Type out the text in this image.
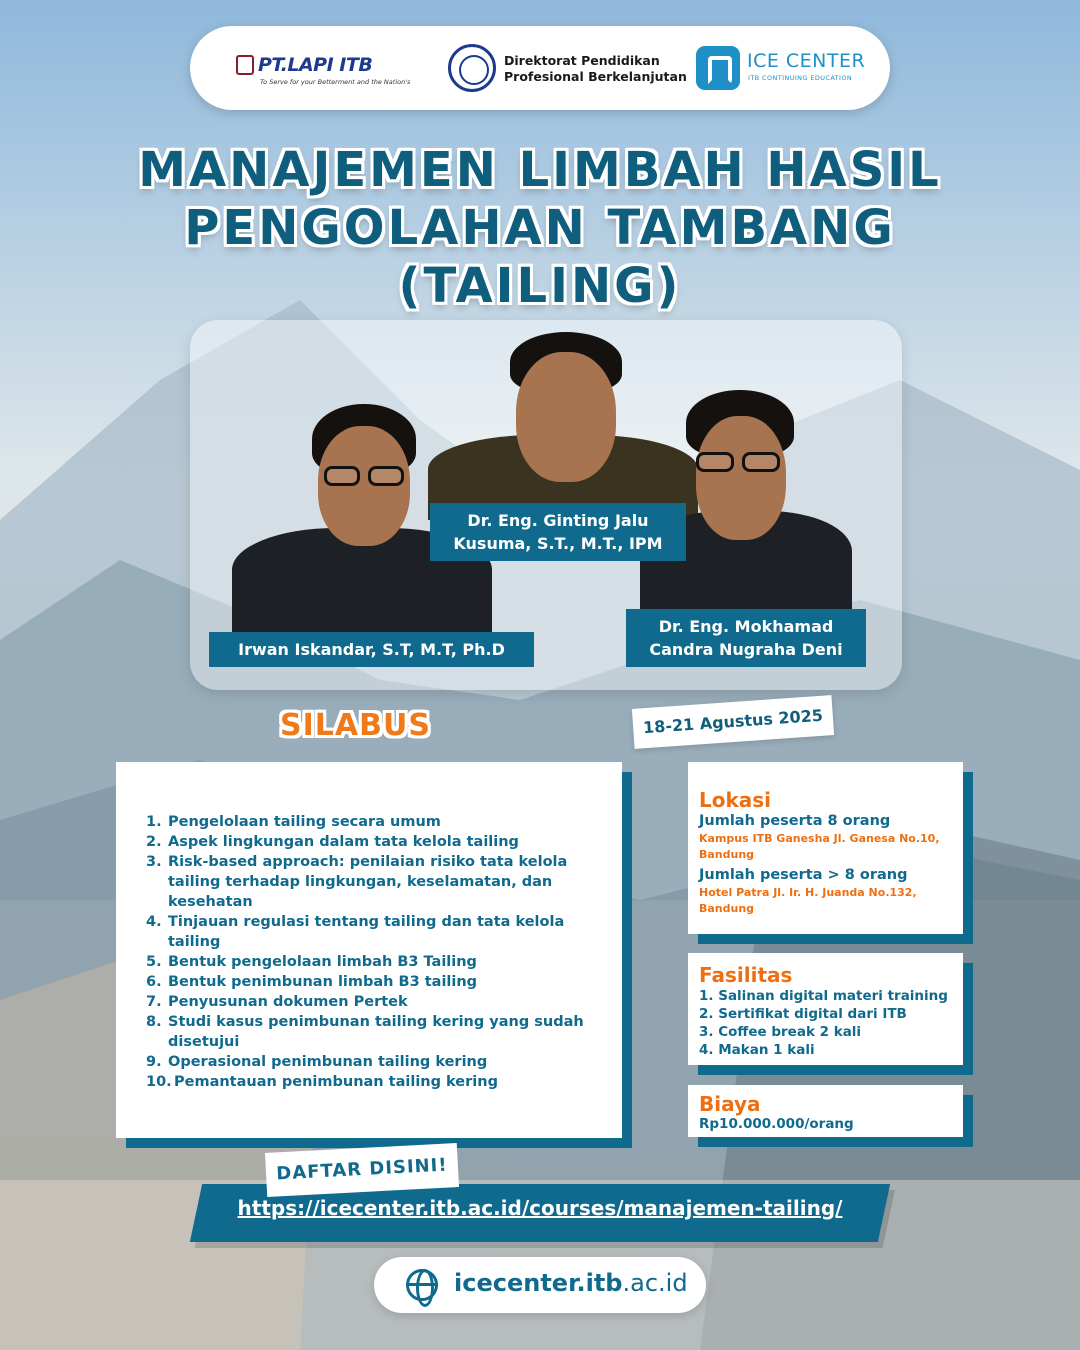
PT.LAPI ITB
To Serve for your Betterment and the Nation's
Direktorat Pendidikan
Profesional Berkelanjutan
ICE CENTER
ITB CONTINUING EDUCATION
MANAJEMEN LIMBAH HASIL
PENGOLAHAN TAMBANG
(TAILING)
Irwan Iskandar, S.T, M.T, Ph.D
Dr. Eng. Ginting Jalu
Kusuma, S.T., M.T., IPM
Dr. Eng. Mokhamad
Candra Nugraha Deni
SILABUS	18-21 Agustus 2025
1. Pengelolaan tailing secara umum
2. Aspek lingkungan dalam tata kelola tailing
3. Risk-based approach: penilaian risiko tata kelola tailing terhadap lingkungan, keselamatan, dan kesehatan
4. Tinjauan regulasi tentang tailing dan tata kelola tailing
5. Bentuk pengelolaan limbah B3 Tailing
6. Bentuk penimbunan limbah B3 tailing
7. Penyusunan dokumen Pertek
8. Studi kasus penimbunan tailing kering yang sudah disetujui
9. Operasional penimbunan tailing kering
10. Pemantauan penimbunan tailing kering
Lokasi
Jumlah peserta 8 orang
Kampus ITB Ganesha Jl. Ganesa No.10, Bandung
Jumlah peserta > 8 orang
Hotel Patra Jl. Ir. H. Juanda No.132, Bandung
Fasilitas
1. Salinan digital materi training
2. Sertifikat digital dari ITB
3. Coffee break 2 kali
4. Makan 1 kali
Biaya
Rp10.000.000/orang
DAFTAR DISINI!
https://icecenter.itb.ac.id/courses/manajemen-tailing/
icecenter.itb.ac.id
